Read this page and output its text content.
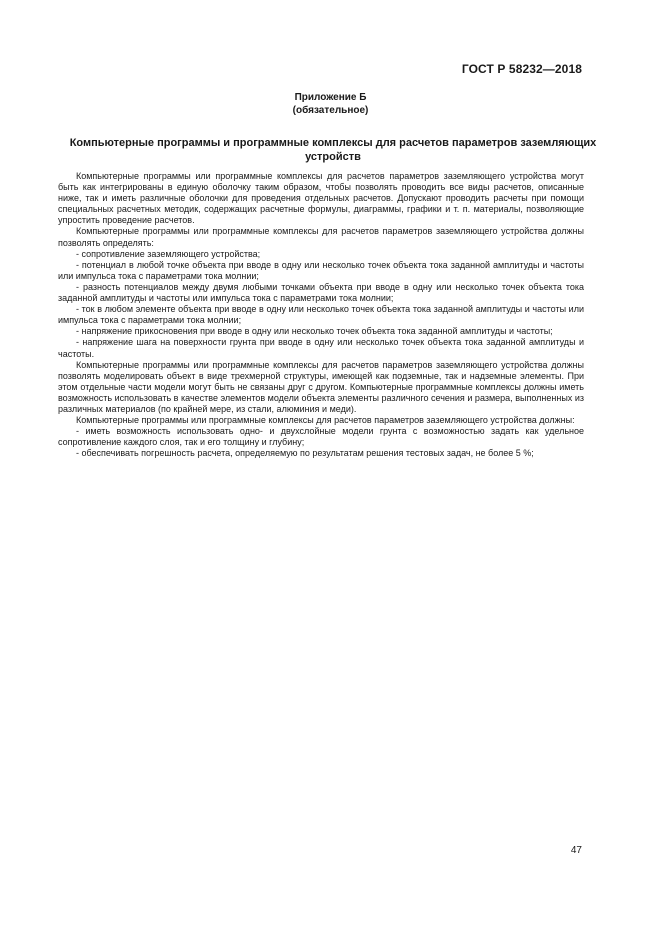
ГОСТ Р 58232—2018
Приложение Б
(обязательное)
Компьютерные программы и программные комплексы для расчетов параметров заземляющих устройств

Компьютерные программы или программные комплексы для расчетов параметров заземляющего устройства могут быть как интегрированы в единую оболочку таким образом, чтобы позволять проводить все виды расчетов, описанные ниже, так и иметь различные оболочки для проведения отдельных расчетов. Допускают проводить расчеты при помощи специальных расчетных методик, содержащих расчетные формулы, диаграммы, графики и т. п. материалы, позволяющие упростить проведение расчетов.

Компьютерные программы или программные комплексы для расчетов параметров заземляющего устройства должны позволять определять:

- сопротивление заземляющего устройства;

- потенциал в любой точке объекта при вводе в одну или несколько точек объекта тока заданной амплитуды и частоты или импульса тока с параметрами тока молнии;

- разность потенциалов между двумя любыми точками объекта при вводе в одну или несколько точек объекта тока заданной амплитуды и частоты или импульса тока с параметрами тока молнии;

- ток в любом элементе объекта при вводе в одну или несколько точек объекта тока заданной амплитуды и частоты или импульса тока с параметрами тока молнии;

- напряжение прикосновения при вводе в одну или несколько точек объекта тока заданной амплитуды и частоты;

- напряжение шага на поверхности грунта при вводе в одну или несколько точек объекта тока заданной амплитуды и частоты.

Компьютерные программы или программные комплексы для расчетов параметров заземляющего устройства должны позволять моделировать объект в виде трехмерной структуры, имеющей как подземные, так и надземные элементы. При этом отдельные части модели могут быть не связаны друг с другом. Компьютерные программные комплексы должны иметь возможность использовать в качестве элементов модели объекта элементы различного сечения и размера, выполненных из различных материалов (по крайней мере, из стали, алюминия и меди).

Компьютерные программы или программные комплексы для расчетов параметров заземляющего устройства должны:

- иметь возможность использовать одно- и двухслойные модели грунта с возможностью задать как удельное сопротивление каждого слоя, так и его толщину и глубину;

- обеспечивать погрешность расчета, определяемую по результатам решения тестовых задач, не более 5 %;

47
